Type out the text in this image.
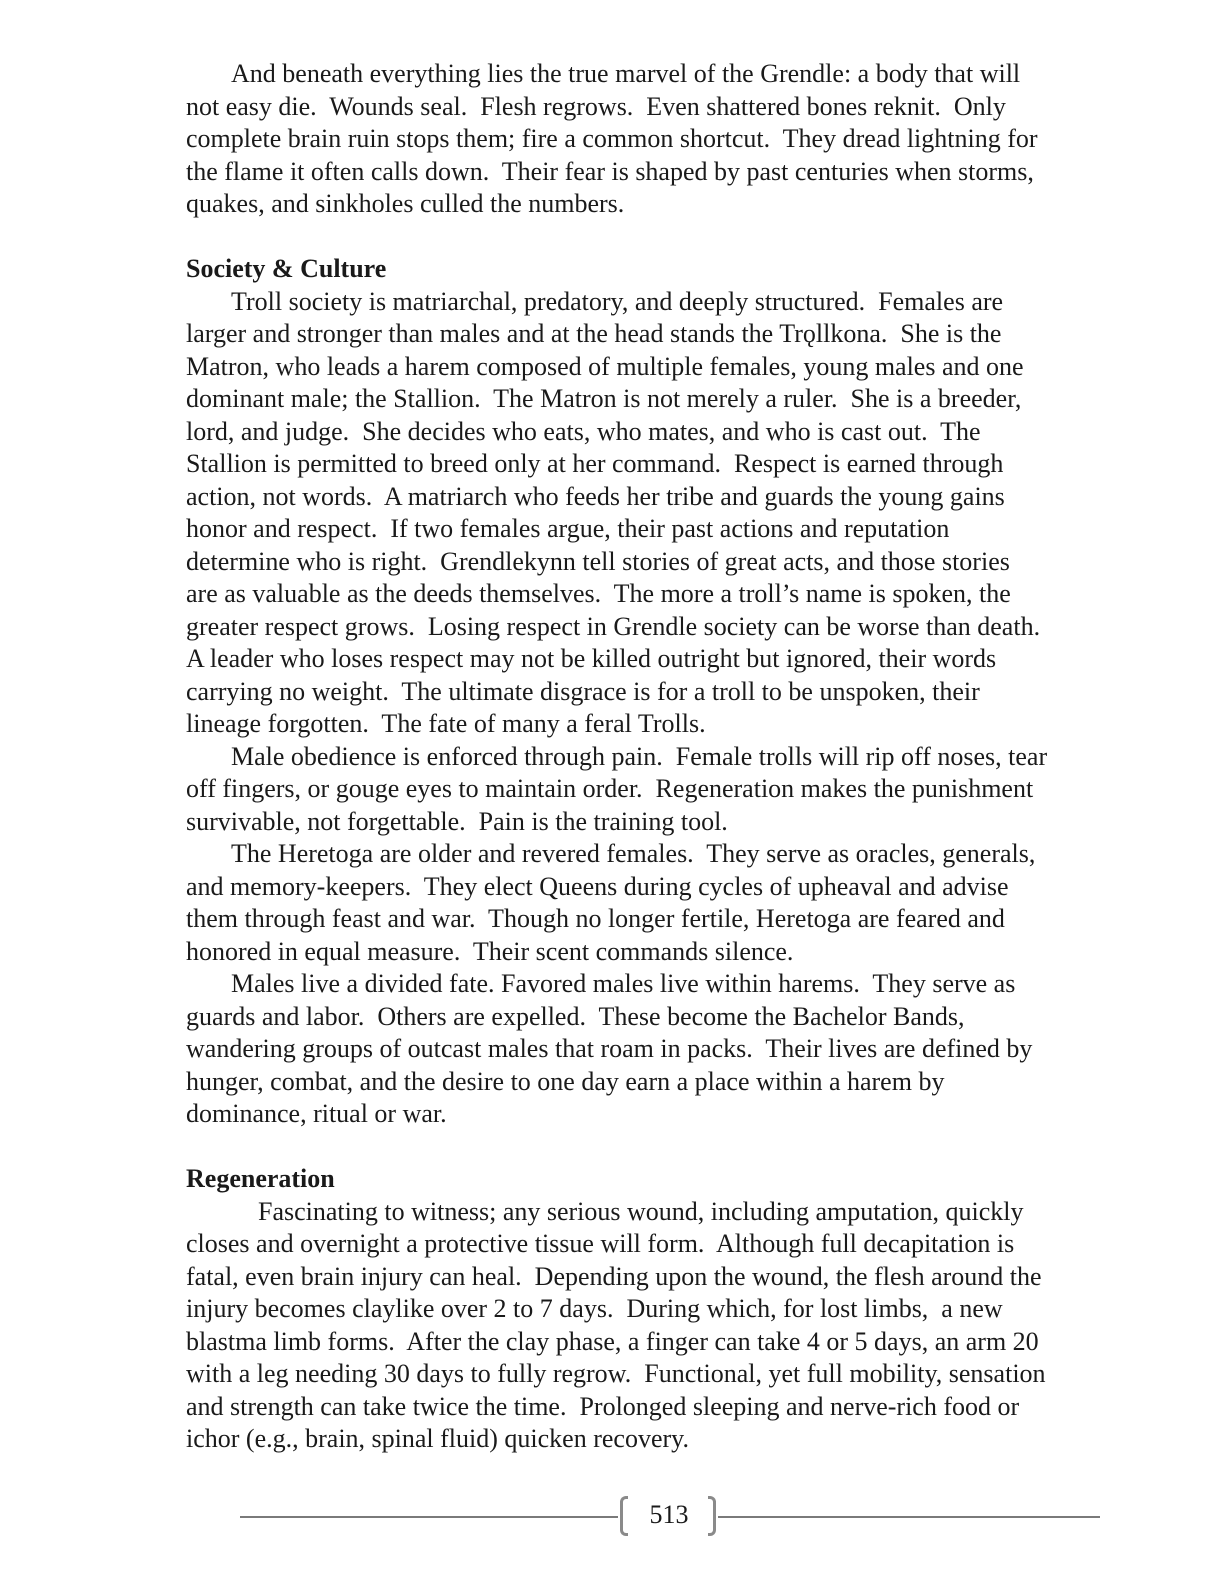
And beneath everything lies the true marvel of the Grendle: a body that will
not easy die.  Wounds seal.  Flesh regrows.  Even shattered bones reknit.  Only
complete brain ruin stops them; fire a common shortcut.  They dread lightning for
the flame it often calls down.  Their fear is shaped by past centuries when storms,
quakes, and sinkholes culled the numbers.
Society & Culture
Troll society is matriarchal, predatory, and deeply structured.  Females are
larger and stronger than males and at the head stands the Trǫllkona.  She is the
Matron, who leads a harem composed of multiple females, young males and one
dominant male; the Stallion.  The Matron is not merely a ruler.  She is a breeder,
lord, and judge.  She decides who eats, who mates, and who is cast out.  The
Stallion is permitted to breed only at her command.  Respect is earned through
action, not words.  A matriarch who feeds her tribe and guards the young gains
honor and respect.  If two females argue, their past actions and reputation
determine who is right.  Grendlekynn tell stories of great acts, and those stories
are as valuable as the deeds themselves.  The more a troll’s name is spoken, the
greater respect grows.  Losing respect in Grendle society can be worse than death.
A leader who loses respect may not be killed outright but ignored, their words
carrying no weight.  The ultimate disgrace is for a troll to be unspoken, their
lineage forgotten.  The fate of many a feral Trolls.
Male obedience is enforced through pain.  Female trolls will rip off noses, tear
off fingers, or gouge eyes to maintain order.  Regeneration makes the punishment
survivable, not forgettable.  Pain is the training tool.
The Heretoga are older and revered females.  They serve as oracles, generals,
and memory-keepers.  They elect Queens during cycles of upheaval and advise
them through feast and war.  Though no longer fertile, Heretoga are feared and
honored in equal measure.  Their scent commands silence.
Males live a divided fate. Favored males live within harems.  They serve as
guards and labor.  Others are expelled.  These become the Bachelor Bands,
wandering groups of outcast males that roam in packs.  Their lives are defined by
hunger, combat, and the desire to one day earn a place within a harem by
dominance, ritual or war.
Regeneration
Fascinating to witness; any serious wound, including amputation, quickly
closes and overnight a protective tissue will form.  Although full decapitation is
fatal, even brain injury can heal.  Depending upon the wound, the flesh around the
injury becomes claylike over 2 to 7 days.  During which, for lost limbs,  a new
blastma limb forms.  After the clay phase, a finger can take 4 or 5 days, an arm 20
with a leg needing 30 days to fully regrow.  Functional, yet full mobility, sensation
and strength can take twice the time.  Prolonged sleeping and nerve-rich food or
ichor (e.g., brain, spinal fluid) quicken recovery.
513
